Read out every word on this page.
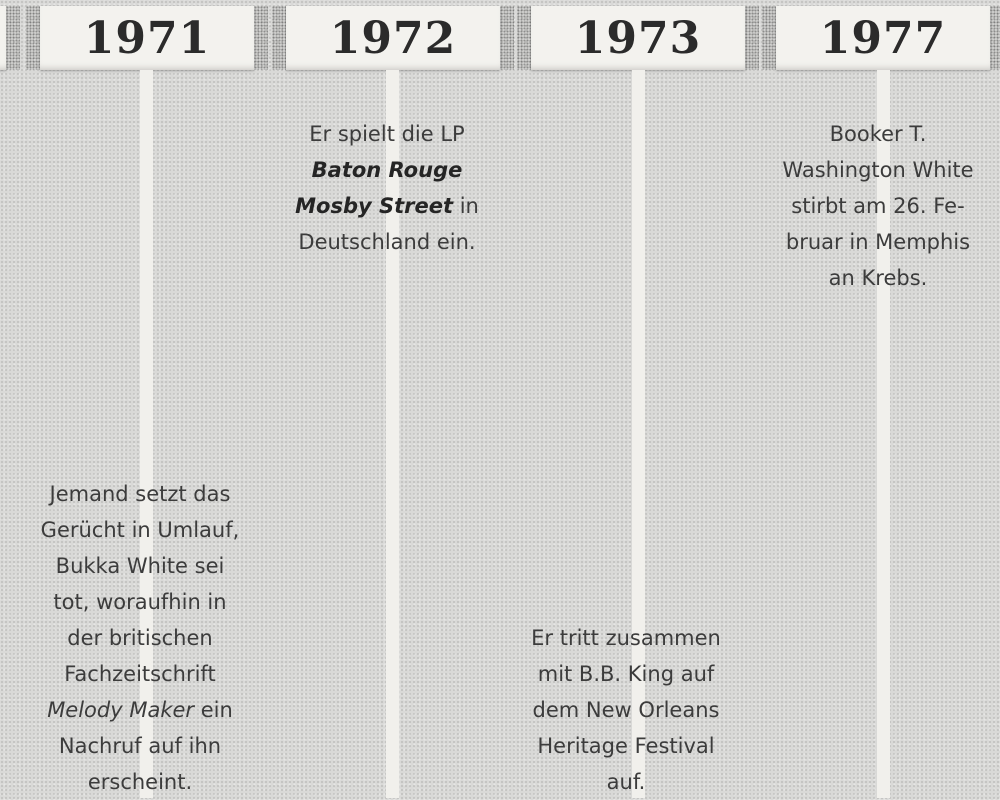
1971	1972	1973	1977
Er spielt die LP
Baton Rouge
Mosby Street in
Deutschland ein.
Booker T.
Washington White
stirbt am 26. Fe-
bruar in Memphis
an Krebs.
Jemand setzt das
Gerücht in Umlauf,
Bukka White sei
tot, woraufhin in
der britischen
Fachzeitschrift
Melody Maker ein
Nachruf auf ihn
erscheint.
Er tritt zusammen
mit B.B. King auf
dem New Orleans
Heritage Festival
auf.
